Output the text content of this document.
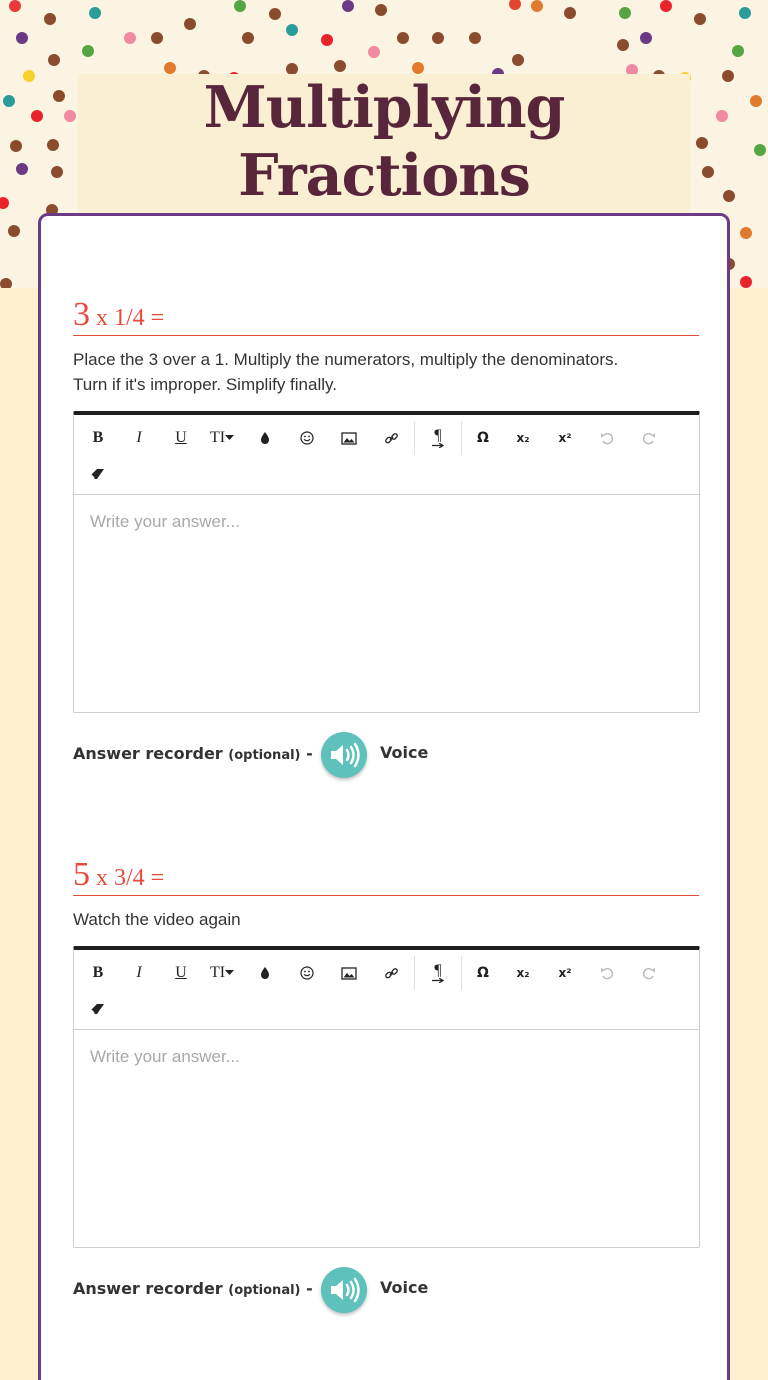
Multiplying Fractions

3 x 1/4 =
Place the 3 over a 1. Multiply the numerators, multiply the denominators.
Turn if it's improper. Simplify finally.
B	I	U	TI	¶	Ω	x₂	x²
Write your answer...
Answer recorder (optional) -	Voice
5 x 3/4 =
Watch the video again
B	I	U	TI	¶	Ω	x₂	x²
Write your answer...
Answer recorder (optional) -	Voice
